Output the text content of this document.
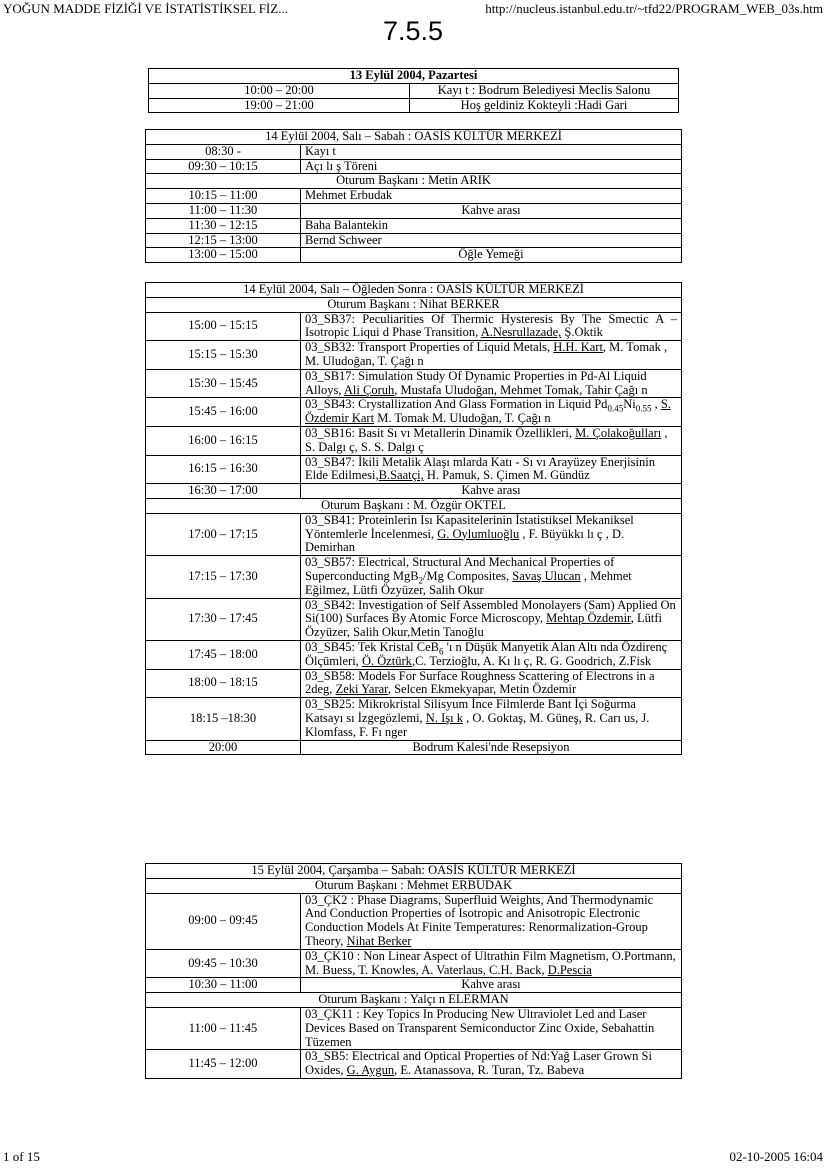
YOĞUN MADDE FİZİĞİ VE İSTATİSTİKSEL FİZ...	http://nucleus.istanbul.edu.tr/~tfd22/PROGRAM_WEB_03s.htm
7.5.5
13 Eylül 2004, Pazartesi	
10:00 – 20:00	Kayı t : Bodrum Belediyesi Meclis Salonu
19:00 – 21:00	Hoş geldiniz Kokteyli :Hadi Gari
14 Eylül 2004, Salı – Sabah : OASİS KÜLTÜR MERKEZİ	
08:30 -	Kayı t
09:30 – 10:15	Açı lı ş Töreni
Oturum Başkanı : Metin ARIK	
10:15 – 11:00	Mehmet Erbudak
11:00 – 11:30	Kahve arası
11:30 – 12:15	Baha Balantekin
12:15 – 13:00	Bernd Schweer
13:00 – 15:00	Öğle Yemeği
14 Eylül 2004, Salı – Öğleden Sonra : OASİS KÜLTÜR MERKEZİ	
Oturum Başkanı : Nihat BERKER	
15:00 – 15:15	03_SB37: Peculiarities Of Thermic Hysteresis By The Smectic A – Isotropic Liqui d Phase Transition, A.Nesrullazade, Ş.Oktik
15:15 – 15:30	03_SB32: Transport Properties of Liquid Metals, H.H. Kart, M. Tomak , M. Uludoğan, T. Çağı n
15:30 – 15:45	03_SB17: Simulation Study Of Dynamic Properties in Pd-Al Liquid Alloys, Ali Çoruh, Mustafa Uludoğan, Mehmet Tomak, Tahir Çağı n
15:45 – 16:00	03_SB43: Crystallization And Glass Formation in Liquid $Pd_{0.45}Ni_{0.55}$ , S. Özdemir Kart M. Tomak M. Uludoğan, T. Çağı n
16:00 – 16:15	03_SB16: Basit Sı vı Metallerin Dinamik Özellikleri, M. Çolakoğulları , S. Dalgı ç, S. S. Dalgı ç
16:15 – 16:30	03_SB47: İkili Metalik Alaşı mlarda Katı - Sı vı Arayüzey Enerjisinin Elde Edilmesi,B.Saatçi, H. Pamuk, S. Çimen M. Gündüz
16:30 – 17:00	Kahve arası
Oturum Başkanı : M. Özgür OKTEL	
17:00 – 17:15	03_SB41: Proteinlerin Isı Kapasitelerinin İstatistiksel Mekaniksel Yöntemlerle İncelenmesi, G. Oylumluoğlu , F. Büyükkı lı ç , D. Demirhan
17:15 – 17:30	03_SB57: Electrical, Structural And Mechanical Properties of Superconducting MgB$_2$/Mg Composites, Savaş Ulucan , Mehmet Eğilmez, Lütfi Özyüzer, Salih Okur
17:30 – 17:45	03_SB42: Investigation of Self Assembled Monolayers (Sam) Applied On Si(100) Surfaces By Atomic Force Microscopy, Mehtap Özdemir, Lütfi Özyüzer, Salih Okur,Metin Tanoğlu
17:45 – 18:00	03_SB45: Tek Kristal CeB$_6$ 'ı n Düşük Manyetik Alan Altı nda Özdirenç Ölçümleri, Ö. Öztürk,C. Terzioğlu, A. Kı lı ç, R. G. Goodrich, Z.Fisk
18:00 – 18:15	03_SB58: Models For Surface Roughness Scattering of Electrons in a 2deg, Zeki Yarar, Selcen Ekmekyapar, Metin Özdemir
18:15 –18:30	03_SB25: Mikrokristal Silisyum İnce Filmlerde Bant İçi Soğurma Katsayı sı İzgegözlemi, N. Işı k , O. Goktaş, M. Güneş, R. Carı us, J. Klomfass, F. Fı nger
20:00	Bodrum Kalesi'nde Resepsiyon
15 Eylül 2004, Çarşamba – Sabah: OASİS KÜLTÜR MERKEZİ	
Oturum Başkanı : Mehmet ERBUDAK	
09:00 – 09:45	03_ÇK2 : Phase Diagrams, Superfluid Weights, And Thermodynamic And Conduction Properties of Isotropic and Anisotropic Electronic Conduction Models At Finite Temperatures: Renormalization-Group Theory, Nihat Berker
09:45 – 10:30	03_ÇK10 : Non Linear Aspect of Ultrathin Film Magnetism, O.Portmann, M. Buess, T. Knowles, A. Vaterlaus, C.H. Back, D.Pescia
10:30 – 11:00	Kahve arası
Oturum Başkanı : Yalçı n ELERMAN	
11:00 – 11:45	03_ÇK11 : Key Topics In Producing New Ultraviolet Led and Laser Devices Based on Transparent Semiconductor Zinc Oxide, Sebahattin Tüzemen
11:45 – 12:00	03_SB5: Electrical and Optical Properties of Nd:Yağ Laser Grown Si Oxides, G. Aygun, E. Atanassova, R. Turan, Tz. Babeva
1 of 15	02-10-2005 16:04
